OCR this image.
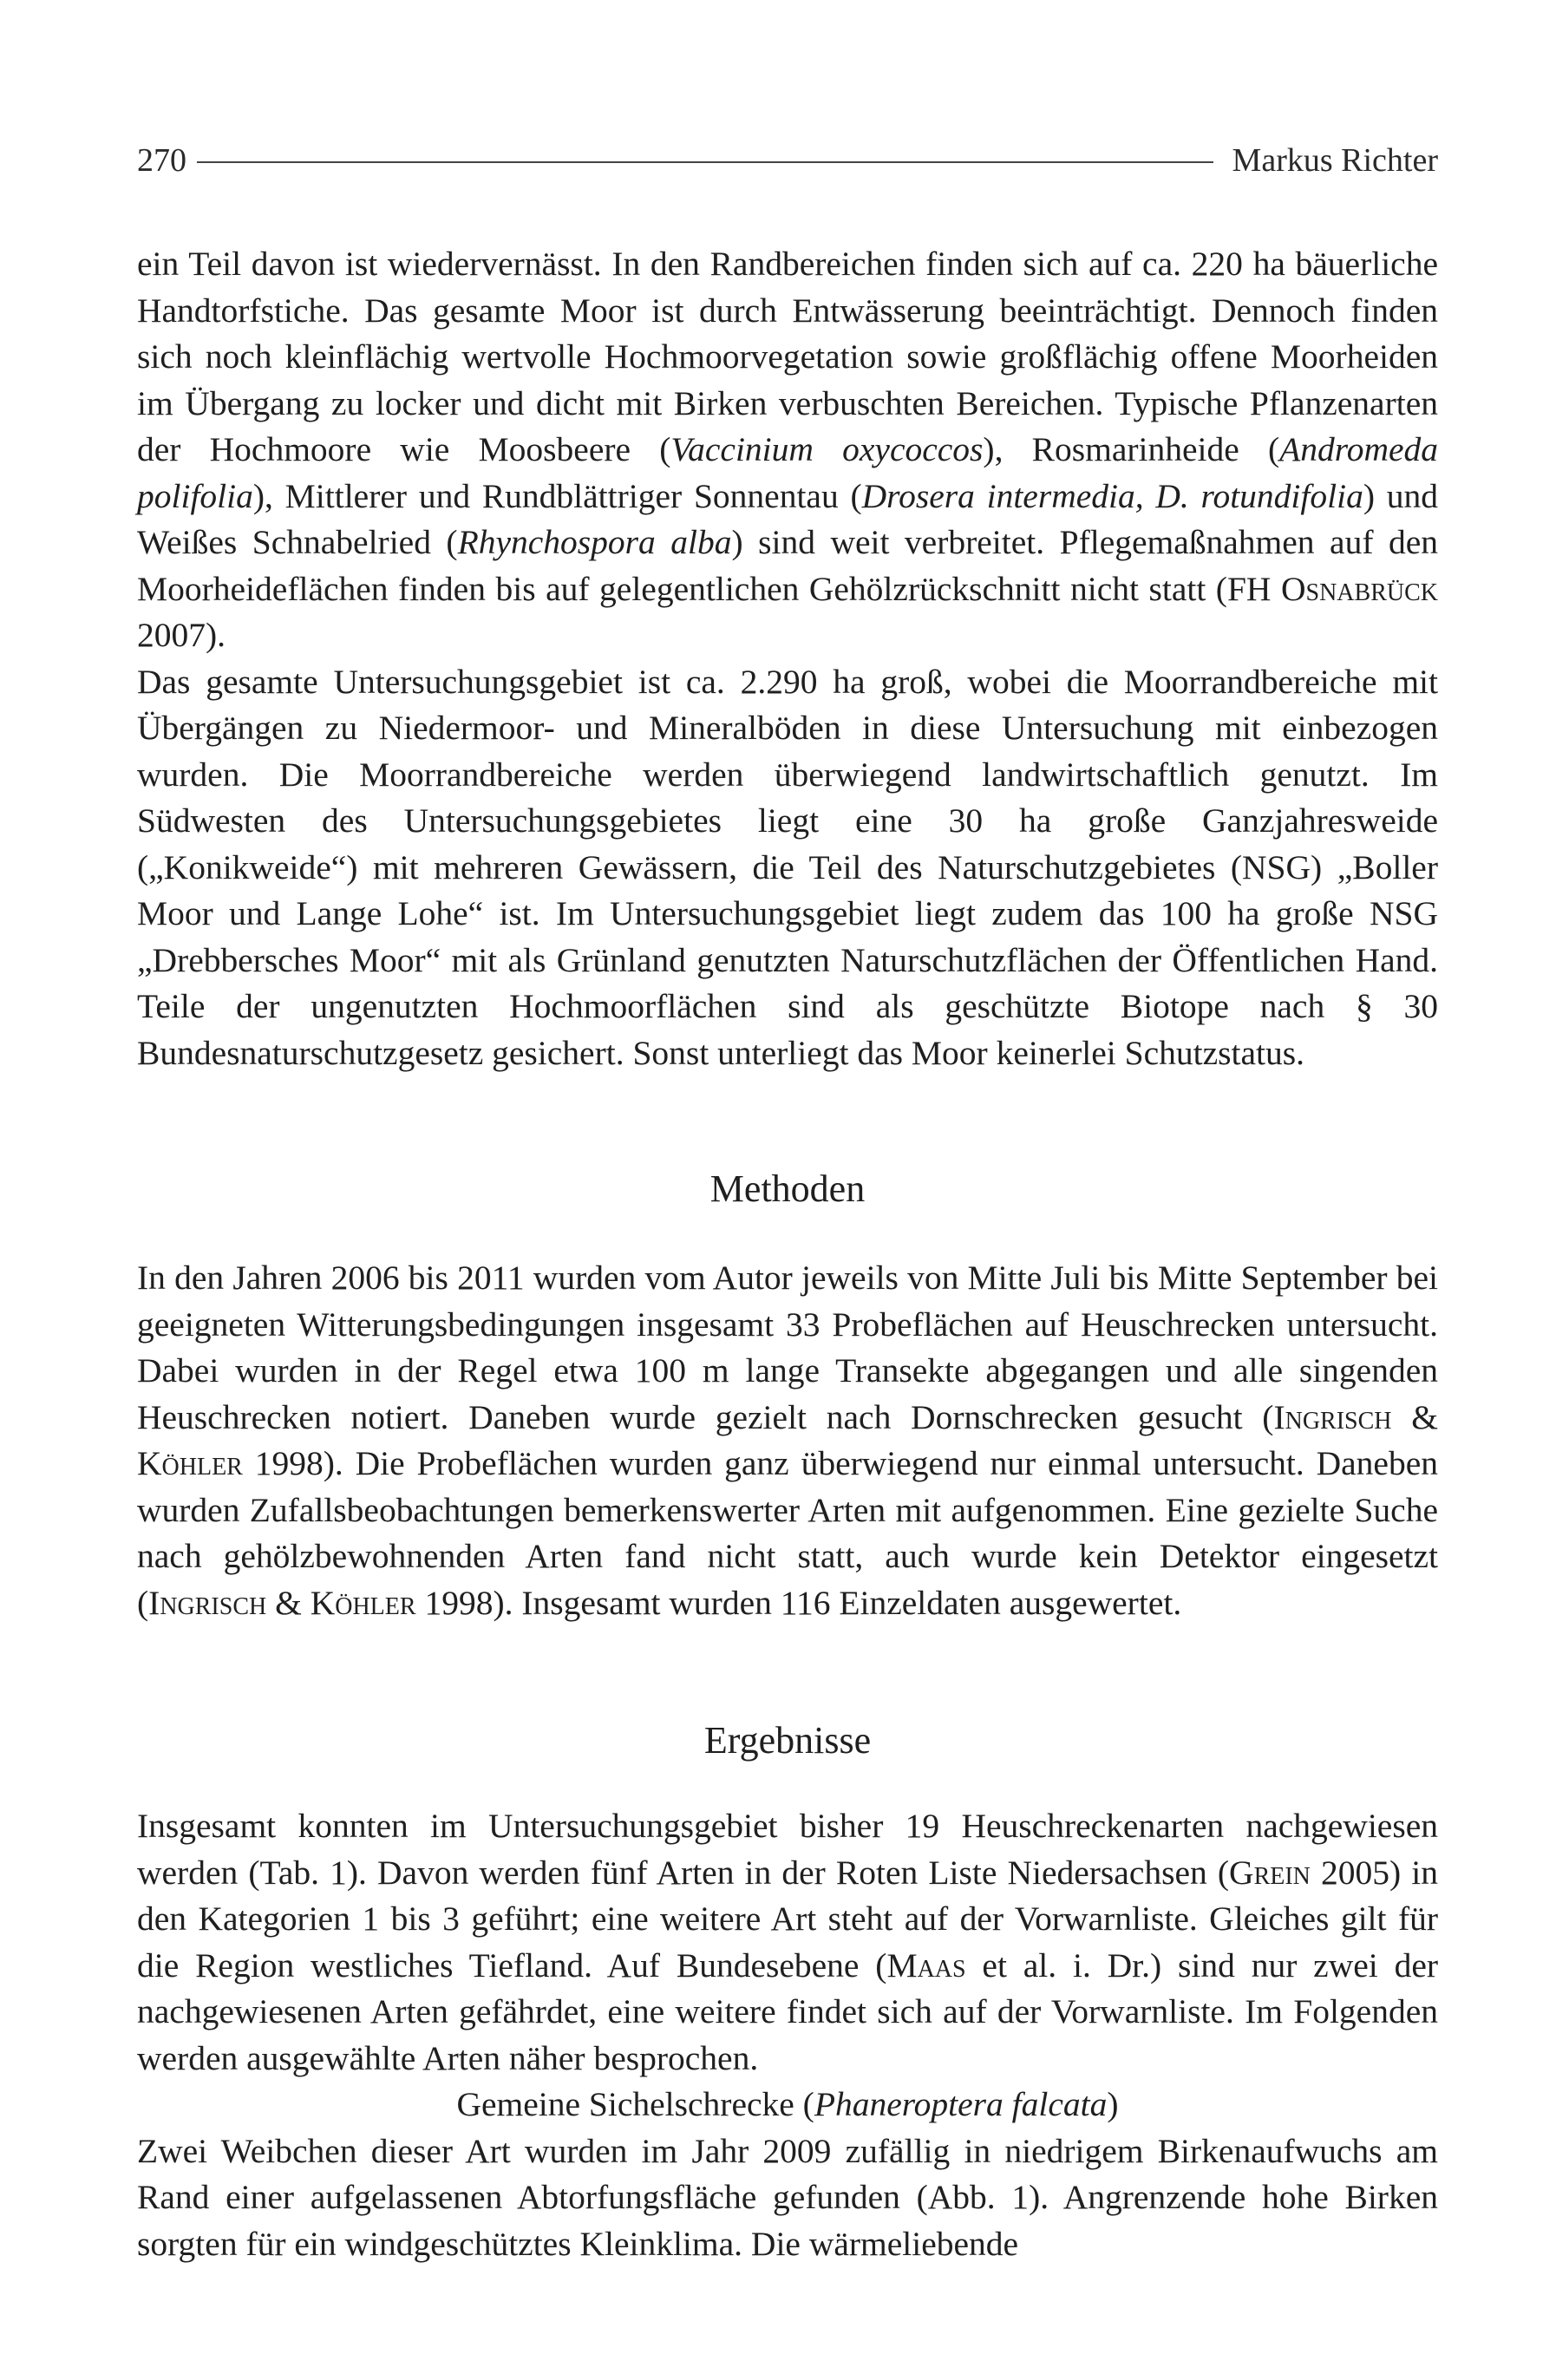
270	Markus Richter

ein Teil davon ist wiedervernässt. In den Randbereichen finden sich auf ca. 220 ha bäuerliche Handtorfstiche. Das gesamte Moor ist durch Entwässerung beeinträchtigt. Dennoch finden sich noch kleinflächig wertvolle Hochmoorvegetation sowie großflächig offene Moorheiden im Übergang zu locker und dicht mit Birken verbuschten Bereichen. Typische Pflanzenarten der Hochmoore wie Moosbeere (Vaccinium oxycoccos), Rosmarinheide (Andromeda polifolia), Mittlerer und Rundblättriger Sonnentau (Drosera intermedia, D. rotundifolia) und Weißes Schnabelried (Rhynchospora alba) sind weit verbreitet. Pflegemaßnahmen auf den Moorheideflächen finden bis auf gelegentlichen Gehölzrückschnitt nicht statt (FH Osnabrück 2007).

Das gesamte Untersuchungsgebiet ist ca. 2.290 ha groß, wobei die Moorrandbereiche mit Übergängen zu Niedermoor- und Mineralböden in diese Untersuchung mit einbezogen wurden. Die Moorrandbereiche werden überwiegend landwirtschaftlich genutzt. Im Südwesten des Untersuchungsgebietes liegt eine 30 ha große Ganzjahresweide („Konikweide“) mit mehreren Gewässern, die Teil des Naturschutzgebietes (NSG) „Boller Moor und Lange Lohe“ ist. Im Untersuchungsgebiet liegt zudem das 100 ha große NSG „Drebbersches Moor“ mit als Grünland genutzten Naturschutzflächen der Öffentlichen Hand. Teile der ungenutzten Hochmoorflächen sind als geschützte Biotope nach § 30 Bundesnaturschutzgesetz gesichert. Sonst unterliegt das Moor keinerlei Schutzstatus.

Methoden

In den Jahren 2006 bis 2011 wurden vom Autor jeweils von Mitte Juli bis Mitte September bei geeigneten Witterungsbedingungen insgesamt 33 Probeflächen auf Heuschrecken untersucht. Dabei wurden in der Regel etwa 100 m lange Transekte abgegangen und alle singenden Heuschrecken notiert. Daneben wurde gezielt nach Dornschrecken gesucht (Ingrisch & Köhler 1998). Die Probeflächen wurden ganz überwiegend nur einmal untersucht. Daneben wurden Zufallsbeobachtungen bemerkenswerter Arten mit aufgenommen. Eine gezielte Suche nach gehölzbewohnenden Arten fand nicht statt, auch wurde kein Detektor eingesetzt (Ingrisch & Köhler 1998). Insgesamt wurden 116 Einzeldaten ausgewertet.

Ergebnisse

Insgesamt konnten im Untersuchungsgebiet bisher 19 Heuschreckenarten nachgewiesen werden (Tab. 1). Davon werden fünf Arten in der Roten Liste Niedersachsen (Grein 2005) in den Kategorien 1 bis 3 geführt; eine weitere Art steht auf der Vorwarnliste. Gleiches gilt für die Region westliches Tiefland. Auf Bundesebene (Maas et al. i. Dr.) sind nur zwei der nachgewiesenen Arten gefährdet, eine weitere findet sich auf der Vorwarnliste. Im Folgenden werden ausgewählte Arten näher besprochen.

Gemeine Sichelschrecke (Phaneroptera falcata)

Zwei Weibchen dieser Art wurden im Jahr 2009 zufällig in niedrigem Birkenaufwuchs am Rand einer aufgelassenen Abtorfungsfläche gefunden (Abb. 1). Angrenzende hohe Birken sorgten für ein windgeschütztes Kleinklima. Die wärmeliebende
